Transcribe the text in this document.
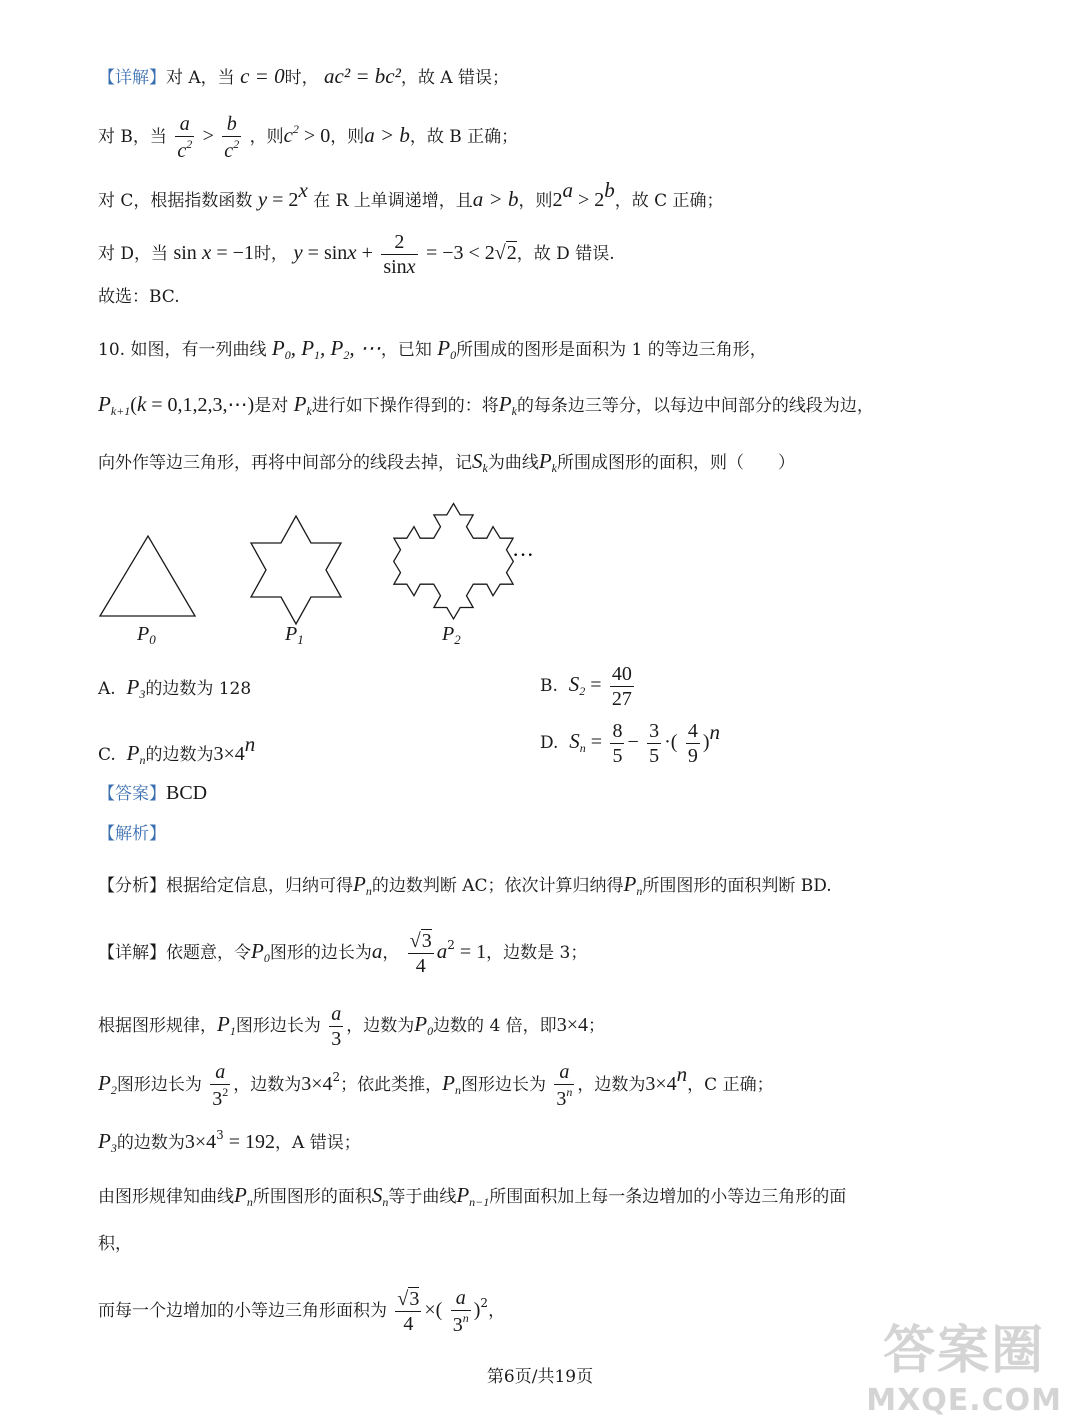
【详解】对 A，当 c = 0时， ac² = bc²，故 A 错误；
对 B，当 $\frac{a}{c^2} > \frac{b}{c^2}$ ，则$c^2 > 0$，则a > b，故 B 正确；
对 C，根据指数函数 $y = 2^x$ 在 R 上单调递增，且a > b，则$2^a > 2^b$，故 C 正确；
对 D，当 sin x = −1时， $y = \sin x + \frac{2}{\sin x} = -3 < 2√2$，故 D 错误.
故选：BC.
10. 如图，有一列曲线 $P_0$, $P_1$, $P_2$, ⋯，已知 $P_0$所围成的图形是面积为 1 的等边三角形，
$P_{k+1}(k$ = 0,1,2,3,⋯)是对 $P_k$进行如下操作得到的：将$P_k$的每条边三等分，以每边中间部分的线段为边，
向外作等边三角形，再将中间部分的线段去掉，记$S_k$为曲线$P_k$所围成图形的面积，则（　　）
···
$P_0$	$P_1$	$P_2$
A. $P_3$的边数为 128	B. $S_2 = \frac{40}{27}$
C. $P_n$的边数为$3\times 4^n$	D. $S_n = \frac{8}{5} - \frac{3}{5}$ ·( $\frac{4}{9} )^n$
【答案】BCD
【解析】
【分析】根据给定信息，归纳可得$P_n$的边数判断 AC；依次计算归纳得$P_n$所围图形的面积判断 BD.
【详解】依题意，令$P_0$图形的边长为a， $\frac{√3}{4} a^2 = 1$，边数是 3；
根据图形规律，$P_1$图形边长为 $\frac{a}{3}$ ，边数为$P_0$边数的 4 倍，即3×4；
$P_2$图形边长为 $\frac{a}{3^2}$ ，边数为$3\times 4^2$；依此类推，$P_n$图形边长为 $\frac{a}{3^n}$ ，边数为$3\times 4^n$，C 正确；
$P_3$的边数为$3\times 4^3 = 192$，A 错误；
由图形规律知曲线$P_n$所围图形的面积$S_n$等于曲线$P_{n-1}$所围面积加上每一条边增加的小等边三角形的面
积，
而每一个边增加的小等边三角形面积为 $\frac{√3}{4}$ ×( $\frac{a}{3^n} )^2$，
第6页/共19页	答案圈
MXQE.COM
